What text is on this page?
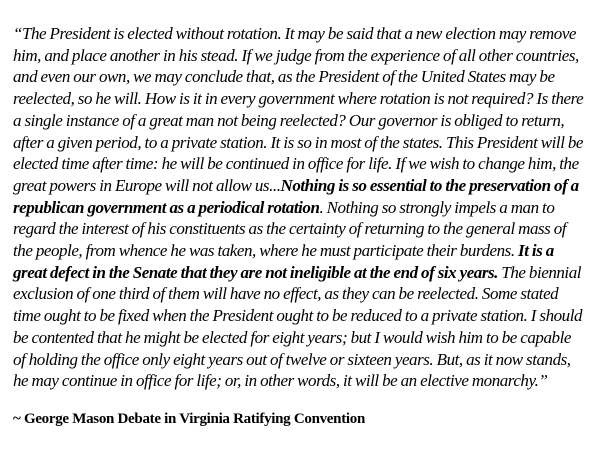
“The President is elected without rotation. It may be said that a new election may remove him, and place another in his stead. If we judge from the experience of all other countries, and even our own, we may conclude that, as the President of the United States may be reelected, so he will. How is it in every government where rotation is not required? Is there a single instance of a great man not being reelected? Our governor is obliged to return, after a given period, to a private station. It is so in most of the states. This President will be elected time after time: he will be continued in office for life. If we wish to change him, the great powers in Europe will not allow us...Nothing is so essential to the preservation of a republican government as a periodical rotation. Nothing so strongly impels a man to regard the interest of his constituents as the certainty of returning to the general mass of the people, from whence he was taken, where he must participate their burdens. It is a great defect in the Senate that they are not ineligible at the end of six years. The biennial exclusion of one third of them will have no effect, as they can be reelected. Some stated time ought to be fixed when the President ought to be reduced to a private station. I should be contented that he might be elected for eight years; but I would wish him to be capable of holding the office only eight years out of twelve or sixteen years. But, as it now stands, he may continue in office for life; or, in other words, it will be an elective monarchy.”

~ George Mason Debate in Virginia Ratifying Convention
